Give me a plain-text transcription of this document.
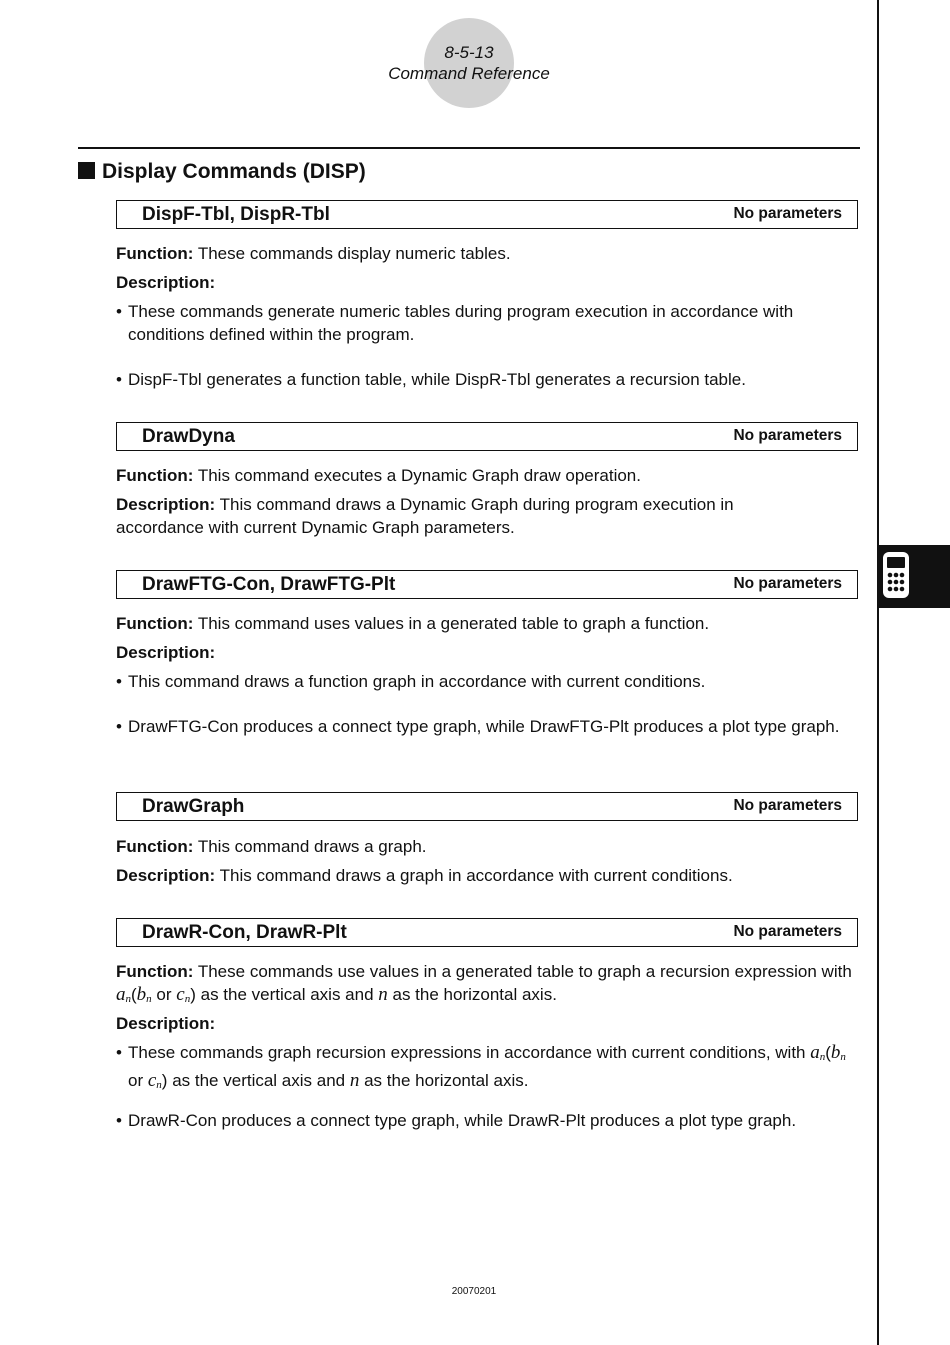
8-5-13
Command Reference
Display Commands (DISP)
DispF-Tbl, DispR-Tbl	No parameters
Function: These commands display numeric tables.
Description:
• These commands generate numeric tables during program execution in accordance with conditions defined within the program.
• DispF-Tbl generates a function table, while DispR-Tbl generates a recursion table.
DrawDyna	No parameters
Function: This command executes a Dynamic Graph draw operation.
Description: This command draws a Dynamic Graph during program execution in accordance with current Dynamic Graph parameters.
DrawFTG-Con, DrawFTG-Plt	No parameters
Function: This command uses values in a generated table to graph a function.
Description:
• This command draws a function graph in accordance with current conditions.
• DrawFTG-Con produces a connect type graph, while DrawFTG-Plt produces a plot type graph.
DrawGraph	No parameters
Function: This command draws a graph.
Description: This command draws a graph in accordance with current conditions.
DrawR-Con, DrawR-Plt	No parameters
Function: These commands use values in a generated table to graph a recursion expression with an(bn or cn) as the vertical axis and n as the horizontal axis.
Description:
• These commands graph recursion expressions in accordance with current conditions, with an(bn or cn) as the vertical axis and n as the horizontal axis.
• DrawR-Con produces a connect type graph, while DrawR-Plt produces a plot type graph.
20070201
